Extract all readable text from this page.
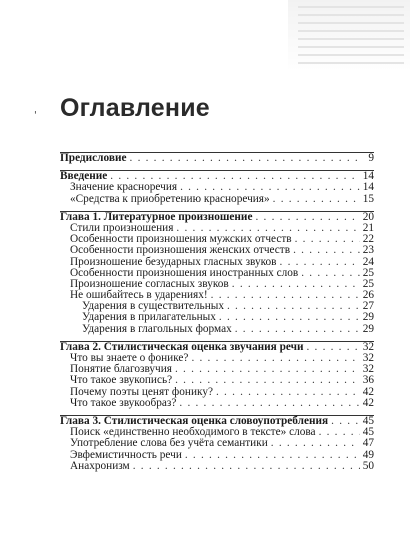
' Оглавление
Предисловие . . .	9
Введение . . .	14
Значение красноречия . . .	14
«Средства к приобретению красноречия» . . .	15
Глава 1. Литературное произношение . . .	20
Стили произношения . . .	21
Особенности произношения мужских отчеств . . .	22
Особенности произношения женских отчеств . . .	23
Произношение безударных гласных звуков . . .	24
Особенности произношения иностранных слов . . .	25
Произношение согласных звуков . . .	25
Не ошибайтесь в ударениях! . . .	26
Ударения в существительных . . .	27
Ударения в прилагательных . . .	29
Ударения в глагольных формах . . .	29
Глава 2. Стилистическая оценка звучания речи . . .	32
Что вы знаете о фонике? . . .	32
Понятие благозвучия . . .	32
Что такое звукопись? . . .	36
Почему поэты ценят фонику? . . .	42
Что такое звукообраз? . . .	42
Глава 3. Стилистическая оценка словоупотребления . . .	45
Поиск «единственно необходимого в тексте» слова . . .	45
Употребление слова без учёта семантики . . .	47
Эвфемистичность речи . . .	49
Анахронизм . . .	50
